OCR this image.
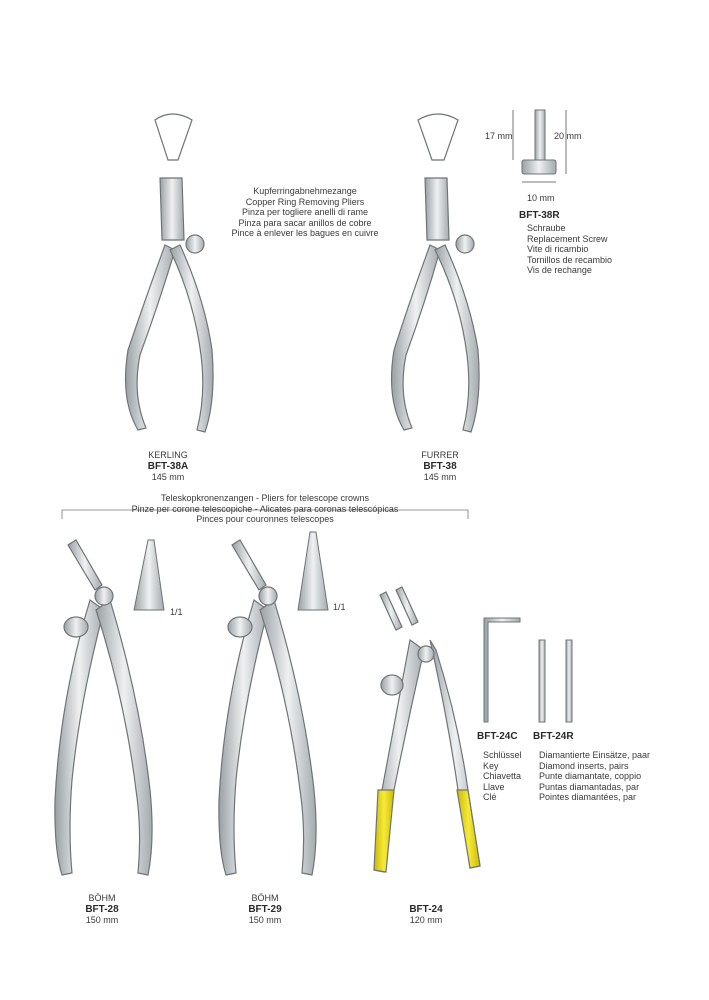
Kupferringabnehmezange
Copper Ring Removing Pliers
Pinza per togliere anelli di rame
Pinza para sacar anillos de cobre
Pince à enlever les bagues en cuivre
KERLING
BFT-38A
145 mm
FURRER
BFT-38
145 mm
17 mm	20 mm
10 mm
BFT-38R
Schraube
Replacement Screw
Vite di ricambio
Tornillos de recambio
Vis de rechange
Teleskopkronenzangen - Pliers for telescope crowns
Pinze per corone telescopiche - Alicates para coronas telescópicas
Pinces pour couronnes telescopes
1/1	1/1
BÖHM
BFT-28
150 mm
BÖHM
BFT-29
150 mm
BFT-24
120 mm
BFT-24C BFT-24R
Schlüssel
Key
Chiavetta
Llave
Clé
Diamantierte Einsätze, paar
Diamond inserts, pairs
Punte diamantate, coppio
Puntas diamantadas, par
Pointes diamantées, par
